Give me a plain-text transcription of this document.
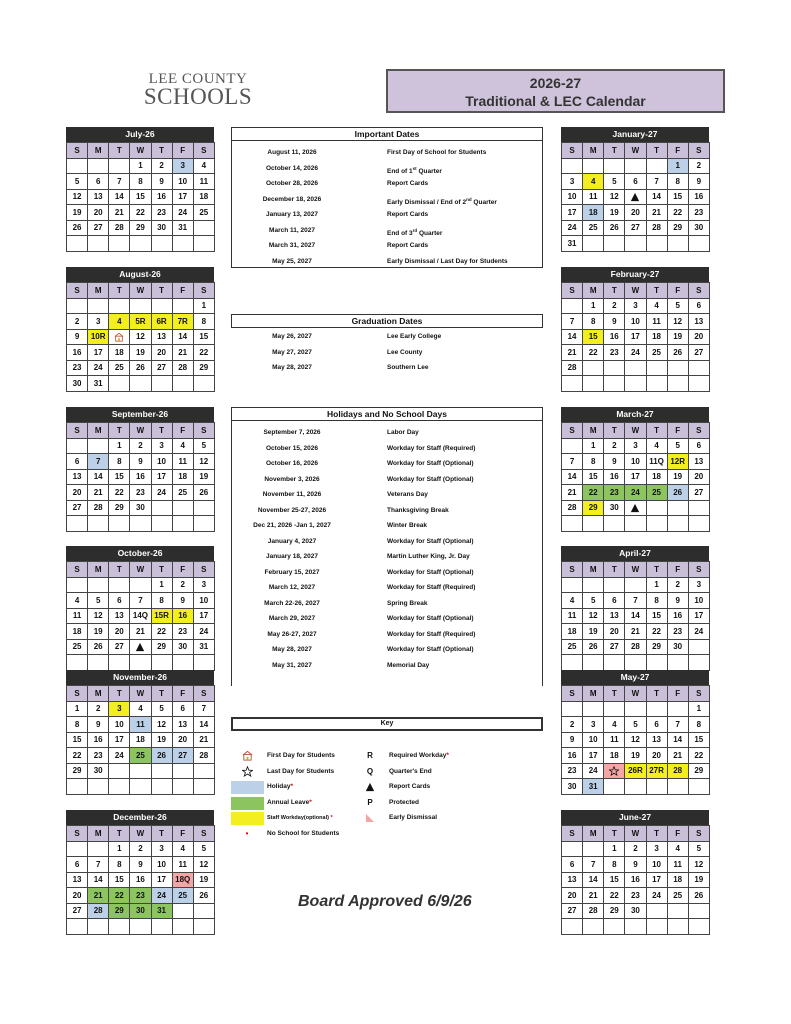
LEE COUNTY
SCHOOLS
2026-27
Traditional & LEC Calendar
July-26
S	M	T	W	T	F	S
			1	2	3	4
5	6	7	8	9	10	11
12	13	14	15	16	17	18
19	20	21	22	23	24	25
26	27	28	29	30	31	

August-26
S	M	T	W	T	F	S
						1
2	3	4	5R	6R	7R	8
9	10R		12	13	14	15
16	17	18	19	20	21	22
23	24	25	26	27	28	29
30	31					
September-26
S	M	T	W	T	F	S
		1	2	3	4	5
6	7	8	9	10	11	12
13	14	15	16	17	18	19
20	21	22	23	24	25	26
27	28	29	30			

October-26
S	M	T	W	T	F	S
				1	2	3
4	5	6	7	8	9	10
11	12	13	14Q	15R	16	17
18	19	20	21	22	23	24
25	26	27		29	30	31

November-26
S	M	T	W	T	F	S
1	2	3	4	5	6	7
8	9	10	11	12	13	14
15	16	17	18	19	20	21
22	23	24	25	26	27	28
29	30					

December-26
S	M	T	W	T	F	S
		1	2	3	4	5
6	7	8	9	10	11	12
13	14	15	16	17	18Q	19
20	21	22	23	24	25	26
27	28	29	30	31		

January-27
S	M	T	W	T	F	S
					1	2
3	4	5	6	7	8	9
10	11	12		14	15	16
17	18	19	20	21	22	23
24	25	26	27	28	29	30
31						
February-27
S	M	T	W	T	F	S
	1	2	3	4	5	6
7	8	9	10	11	12	13
14	15	16	17	18	19	20
21	22	23	24	25	26	27
28						

March-27
S	M	T	W	T	F	S
	1	2	3	4	5	6
7	8	9	10	11Q	12R	13
14	15	16	17	18	19	20
21	22	23	24	25	26	27
28	29	30				

April-27
S	M	T	W	T	F	S
				1	2	3
4	5	6	7	8	9	10
11	12	13	14	15	16	17
18	19	20	21	22	23	24
25	26	27	28	29	30	

May-27
S	M	T	W	T	F	S
						1
2	3	4	5	6	7	8
9	10	11	12	13	14	15
16	17	18	19	20	21	22
23	24		26R	27R	28	29
30	31					
June-27
S	M	T	W	T	F	S
		1	2	3	4	5
6	7	8	9	10	11	12
13	14	15	16	17	18	19
20	21	22	23	24	25	26
27	28	29	30			

Important Dates
August 11, 2026	First Day of School for Students
October 14, 2026	End of 1st Quarter
October 28, 2026	Report Cards
December 18, 2026	Early Dismissal / End of 2nd Quarter
January 13, 2027	Report Cards
March 11, 2027	End of 3rd Quarter
March 31, 2027	Report Cards
May 25, 2027	Early Dismissal / Last Day for Students
Graduation Dates
May 26, 2027	Lee Early College
May 27, 2027	Lee County
May 28, 2027	Southern Lee
Holidays and No School Days
September 7, 2026	Labor Day
October 15, 2026	Workday for Staff (Required)
October 16, 2026	Workday for Staff (Optional)
November 3, 2026	Workday for Staff (Optional)
November 11, 2026	Veterans Day
November 25-27, 2026	Thanksgiving Break
Dec 21, 2026 -Jan 1, 2027	Winter Break
January 4, 2027	Workday for Staff (Optional)
January 18, 2027	Martin Luther King, Jr. Day
February 15, 2027	Workday for Staff (Optional)
March 12, 2027	Workday for Staff (Required)
March 22-26, 2027	Spring Break
March 29, 2027	Workday for Staff (Optional)
May 26-27, 2027	Workday for Staff (Required)
May 28, 2027	Workday for Staff (Optional)
May 31, 2027	Memorial Day
Key
First Day for Students
Last Day for Students
Holiday*
Annual Leave*
Staff Workday(optional) *
•	No School for Students
R	Required Workday*
Q	Quarter's End
Report Cards
P	Protected
Early Dismissal
Board Approved 6/9/26
